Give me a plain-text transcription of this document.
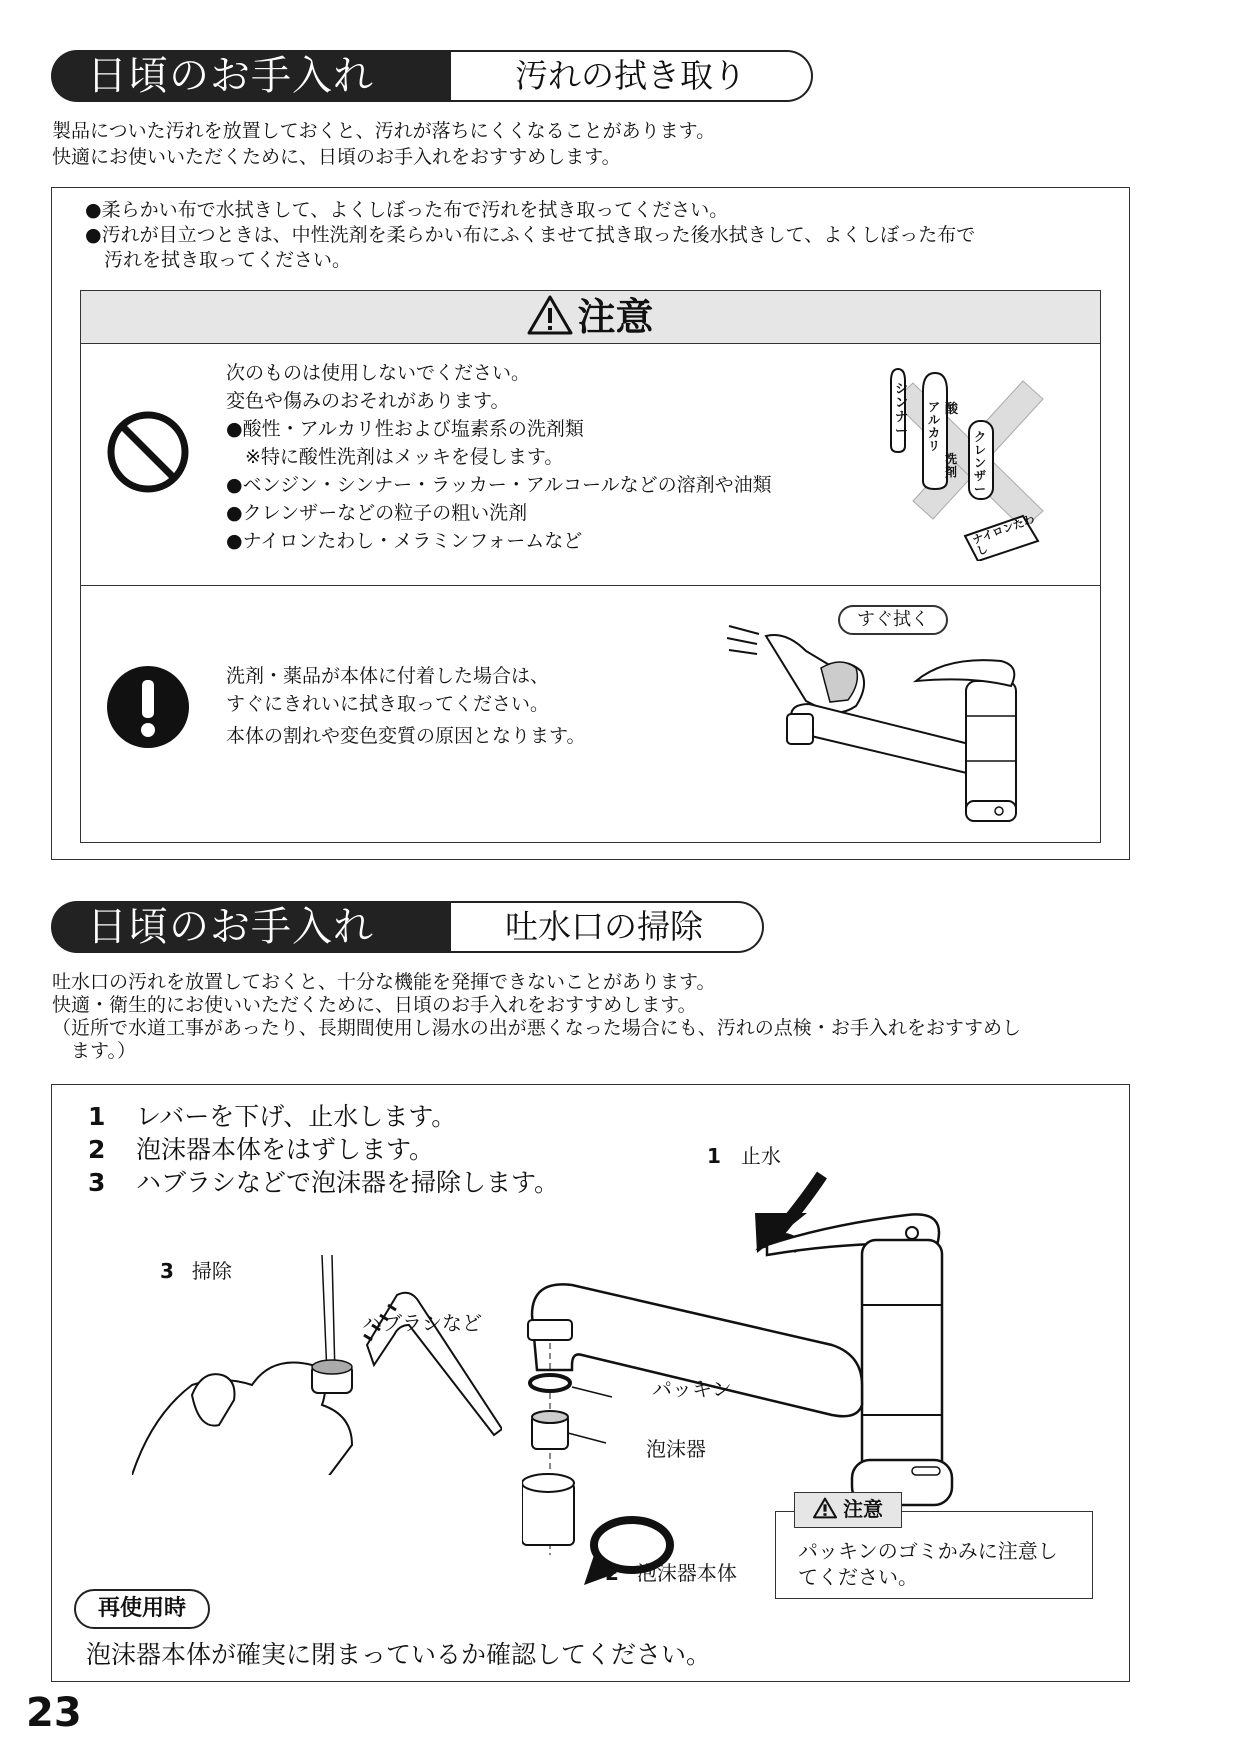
日頃のお手入れ	汚れの拭き取り
製品についた汚れを放置しておくと、汚れが落ちにくくなることがあります。
快適にお使いいただくために、日頃のお手入れをおすすめします。
●柔らかい布で水拭きして、よくしぼった布で汚れを拭き取ってください。
●汚れが目立つときは、中性洗剤を柔らかい布にふくませて拭き取った後水拭きして、よくしぼった布で
　汚れを拭き取ってください。
注意
次のものは使用しないでください。
変色や傷みのおそれがあります。
●酸性・アルカリ性および塩素系の洗剤類
　※特に酸性洗剤はメッキを侵します。
●ベンジン・シンナー・ラッカー・アルコールなどの溶剤や油類
●クレンザーなどの粒子の粗い洗剤
●ナイロンたわし・メラミンフォームなど
シンナー
酸
アルカリ
洗剤
クレンザー
ナイロンたわし
洗剤・薬品が本体に付着した場合は、
すぐにきれいに拭き取ってください。
本体の割れや変色変質の原因となります。
すぐ拭く
日頃のお手入れ	吐水口の掃除
吐水口の汚れを放置しておくと、十分な機能を発揮できないことがあります。
快適・衛生的にお使いいただくために、日頃のお手入れをおすすめします。
（近所で水道工事があったり、長期間使用し湯水の出が悪くなった場合にも、汚れの点検・お手入れをおすすめし
　ます。）
1 レバーを下げ、止水します。
2 泡沫器本体をはずします。
3 ハブラシなどで泡沫器を掃除します。
1 止水
パッキン
泡沫器
2 泡沫器本体
3 掃除
ハブラシなど
注意
パッキンのゴミかみに注意し
てください。
再使用時
泡沫器本体が確実に閉まっているか確認してください。
23
